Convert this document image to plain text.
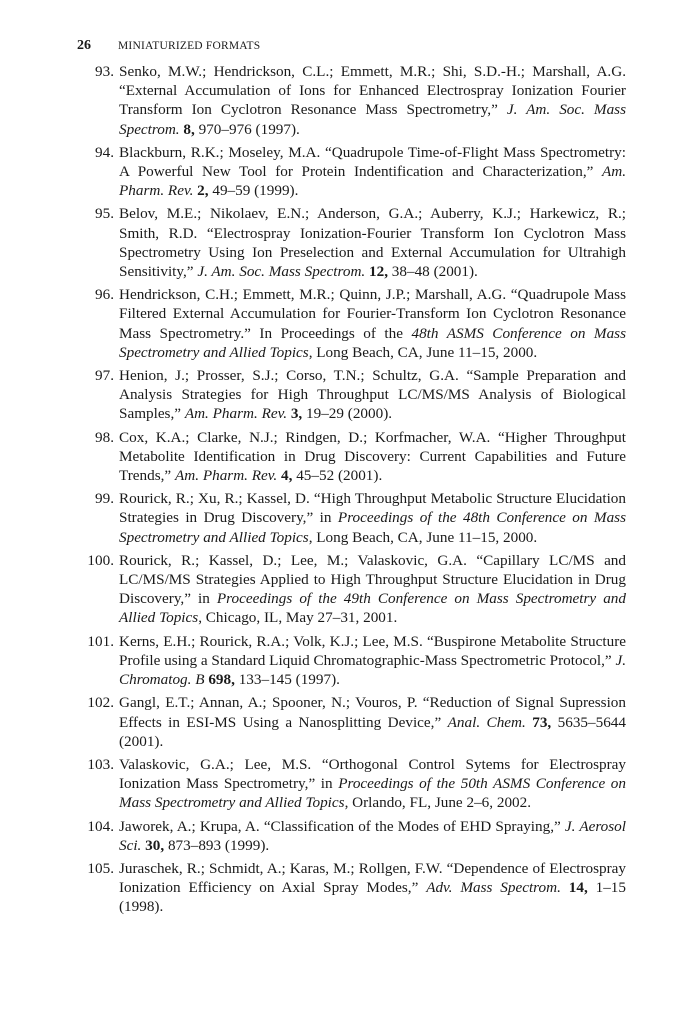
26 MINIATURIZED FORMATS
93. Senko, M.W.; Hendrickson, C.L.; Emmett, M.R.; Shi, S.D.-H.; Marshall, A.G. “External Accumulation of Ions for Enhanced Electrospray Ionization Fourier Transform Ion Cyclotron Resonance Mass Spectrometry,” J. Am. Soc. Mass Spectrom. 8, 970–976 (1997).
94. Blackburn, R.K.; Moseley, M.A. “Quadrupole Time-of-Flight Mass Spectrometry: A Powerful New Tool for Protein Indentification and Characterization,” Am. Pharm. Rev. 2, 49–59 (1999).
95. Belov, M.E.; Nikolaev, E.N.; Anderson, G.A.; Auberry, K.J.; Harkewicz, R.; Smith, R.D. “Electrospray Ionization-Fourier Transform Ion Cyclotron Mass Spectrometry Using Ion Preselection and External Accumulation for Ultrahigh Sensitivity,” J. Am. Soc. Mass Spectrom. 12, 38–48 (2001).
96. Hendrickson, C.H.; Emmett, M.R.; Quinn, J.P.; Marshall, A.G. “Quadrupole Mass Filtered External Accumulation for Fourier-Transform Ion Cyclotron Resonance Mass Spectrometry.” In Proceedings of the 48th ASMS Conference on Mass Spectrometry and Allied Topics, Long Beach, CA, June 11–15, 2000.
97. Henion, J.; Prosser, S.J.; Corso, T.N.; Schultz, G.A. “Sample Preparation and Analysis Strategies for High Throughput LC/MS/MS Analysis of Biological Samples,” Am. Pharm. Rev. 3, 19–29 (2000).
98. Cox, K.A.; Clarke, N.J.; Rindgen, D.; Korfmacher, W.A. “Higher Throughput Metabolite Identification in Drug Discovery: Current Capabilities and Future Trends,” Am. Pharm. Rev. 4, 45–52 (2001).
99. Rourick, R.; Xu, R.; Kassel, D. “High Throughput Metabolic Structure Elucidation Strategies in Drug Discovery,” in Proceedings of the 48th Conference on Mass Spectrometry and Allied Topics, Long Beach, CA, June 11–15, 2000.
100. Rourick, R.; Kassel, D.; Lee, M.; Valaskovic, G.A. “Capillary LC/MS and LC/MS/MS Strategies Applied to High Throughput Structure Elucidation in Drug Discovery,” in Proceedings of the 49th Conference on Mass Spectrometry and Allied Topics, Chicago, IL, May 27–31, 2001.
101. Kerns, E.H.; Rourick, R.A.; Volk, K.J.; Lee, M.S. “Buspirone Metabolite Structure Profile using a Standard Liquid Chromatographic-Mass Spectrometric Protocol,” J. Chromatog. B 698, 133–145 (1997).
102. Gangl, E.T.; Annan, A.; Spooner, N.; Vouros, P. “Reduction of Signal Supression Effects in ESI-MS Using a Nanosplitting Device,” Anal. Chem. 73, 5635–5644 (2001).
103. Valaskovic, G.A.; Lee, M.S. “Orthogonal Control Sytems for Electrospray Ionization Mass Spectrometry,” in Proceedings of the 50th ASMS Conference on Mass Spectrometry and Allied Topics, Orlando, FL, June 2–6, 2002.
104. Jaworek, A.; Krupa, A. “Classification of the Modes of EHD Spraying,” J. Aerosol Sci. 30, 873–893 (1999).
105. Juraschek, R.; Schmidt, A.; Karas, M.; Rollgen, F.W. “Dependence of Electrospray Ionization Efficiency on Axial Spray Modes,” Adv. Mass Spectrom. 14, 1–15 (1998).
